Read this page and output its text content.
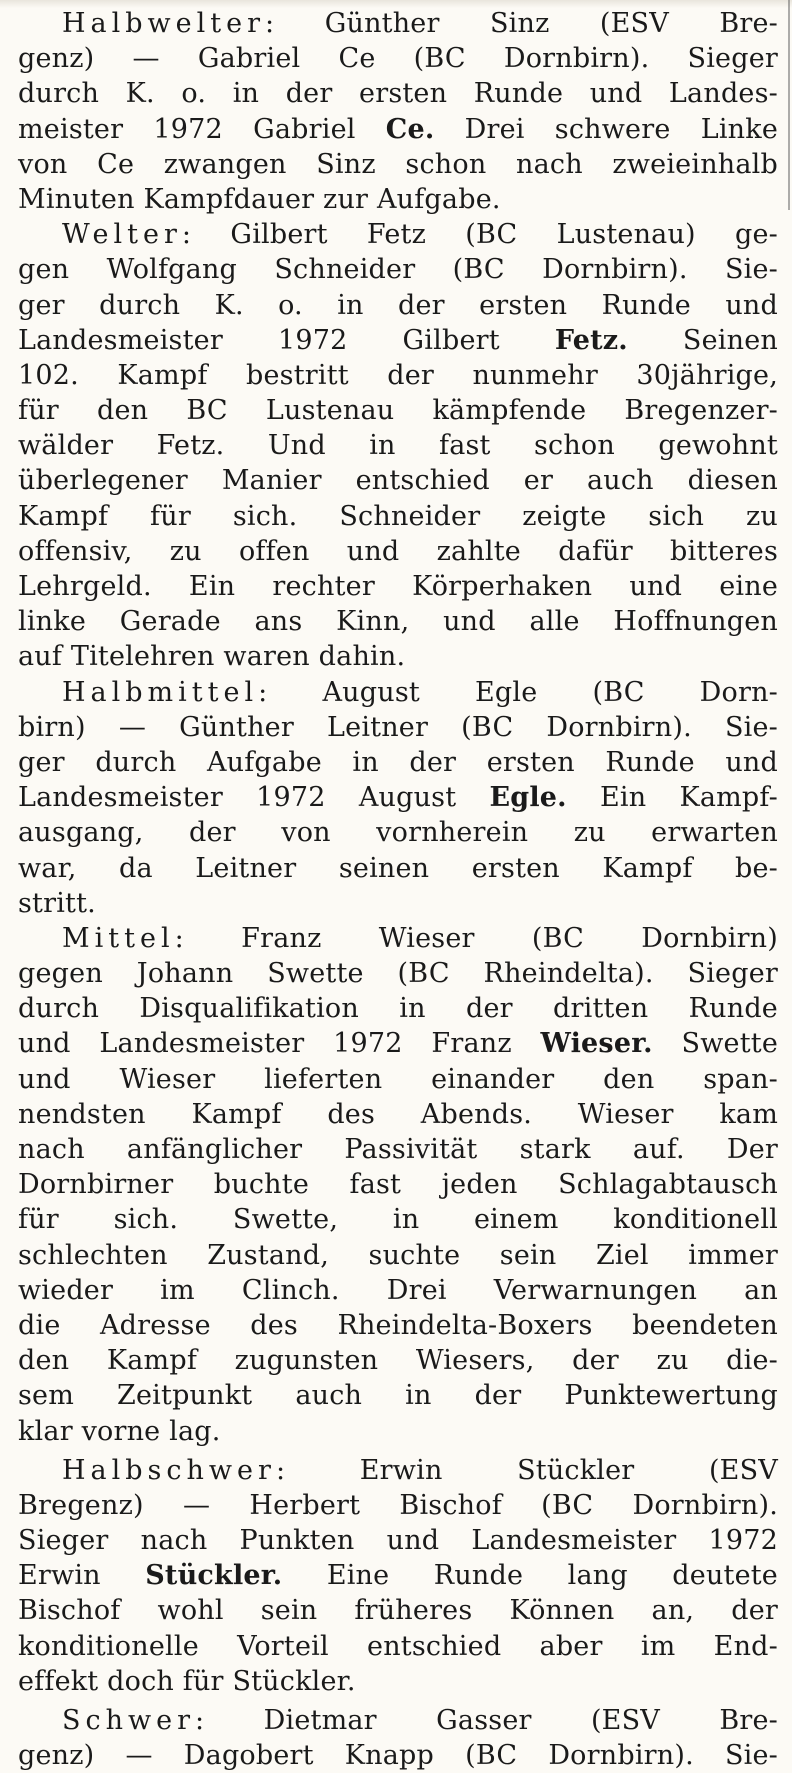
Halbwelter: Günther Sinz (ESV Bre-
genz) — Gabriel Ce (BC Dornbirn). Sieger
durch K. o. in der ersten Runde und Landes-
meister 1972 Gabriel Ce. Drei schwere Linke
von Ce zwangen Sinz schon nach zweieinhalb
Minuten Kampfdauer zur Aufgabe.
Welter: Gilbert Fetz (BC Lustenau) ge-
gen Wolfgang Schneider (BC Dornbirn). Sie-
ger durch K. o. in der ersten Runde und
Landesmeister 1972 Gilbert Fetz. Seinen
102. Kampf bestritt der nunmehr 30jährige,
für den BC Lustenau kämpfende Bregenzer-
wälder Fetz. Und in fast schon gewohnt
überlegener Manier entschied er auch diesen
Kampf für sich. Schneider zeigte sich zu
offensiv, zu offen und zahlte dafür bitteres
Lehrgeld. Ein rechter Körperhaken und eine
linke Gerade ans Kinn, und alle Hoffnungen
auf Titelehren waren dahin.
Halbmittel: August Egle (BC Dorn-
birn) — Günther Leitner (BC Dornbirn). Sie-
ger durch Aufgabe in der ersten Runde und
Landesmeister 1972 August Egle. Ein Kampf-
ausgang, der von vornherein zu erwarten
war, da Leitner seinen ersten Kampf be-
stritt.
Mittel: Franz Wieser (BC Dornbirn)
gegen Johann Swette (BC Rheindelta). Sieger
durch Disqualifikation in der dritten Runde
und Landesmeister 1972 Franz Wieser. Swette
und Wieser lieferten einander den span-
nendsten Kampf des Abends. Wieser kam
nach anfänglicher Passivität stark auf. Der
Dornbirner buchte fast jeden Schlagabtausch
für sich. Swette, in einem konditionell
schlechten Zustand, suchte sein Ziel immer
wieder im Clinch. Drei Verwarnungen an
die Adresse des Rheindelta-Boxers beendeten
den Kampf zugunsten Wiesers, der zu die-
sem Zeitpunkt auch in der Punktewertung
klar vorne lag.
Halbschwer: Erwin Stückler (ESV
Bregenz) — Herbert Bischof (BC Dornbirn).
Sieger nach Punkten und Landesmeister 1972
Erwin Stückler. Eine Runde lang deutete
Bischof wohl sein früheres Können an, der
konditionelle Vorteil entschied aber im End-
effekt doch für Stückler.
Schwer: Dietmar Gasser (ESV Bre-
genz) — Dagobert Knapp (BC Dornbirn). Sie-
